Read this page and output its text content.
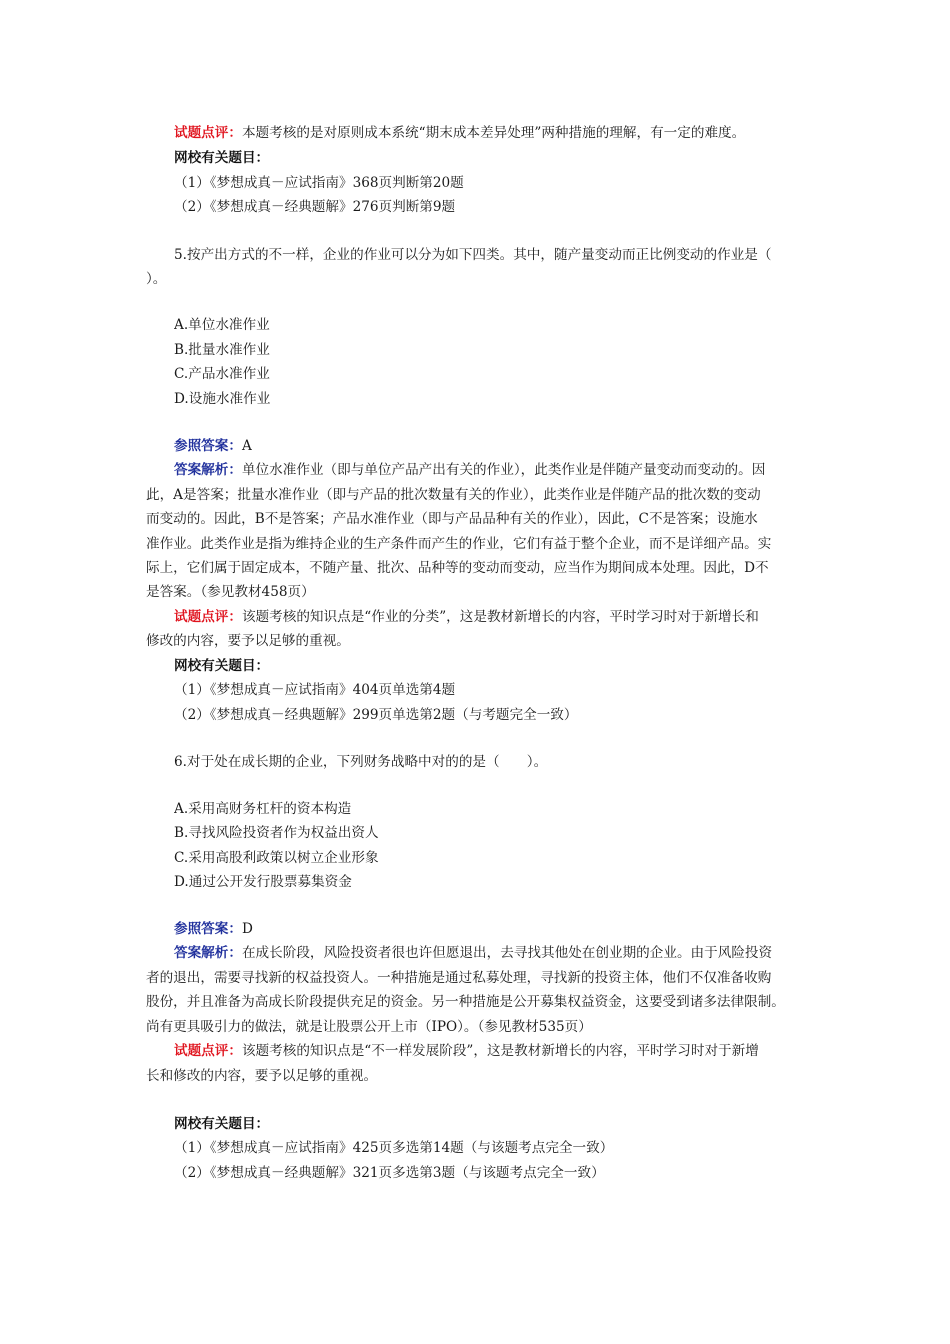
试题点评：本题考核的是对原则成本系统“期末成本差异处理”两种措施的理解，有一定的难度。
网校有关题目：
（1）《梦想成真－应试指南》368页判断第20题
（2）《梦想成真－经典题解》276页判断第9题
5.按产出方式的不一样，企业的作业可以分为如下四类。其中，随产量变动而正比例变动的作业是（
）。
A.单位水准作业
B.批量水准作业
C.产品水准作业
D.设施水准作业
参照答案：A
答案解析：单位水准作业（即与单位产品产出有关的作业），此类作业是伴随产量变动而变动的。因
此，A是答案；批量水准作业（即与产品的批次数量有关的作业），此类作业是伴随产品的批次数的变动
而变动的。因此，B不是答案；产品水准作业（即与产品品种有关的作业），因此，C不是答案；设施水
准作业。此类作业是指为维持企业的生产条件而产生的作业，它们有益于整个企业，而不是详细产品。实
际上，它们属于固定成本，不随产量、批次、品种等的变动而变动，应当作为期间成本处理。因此，D不
是答案。（参见教材458页）
试题点评：该题考核的知识点是“作业的分类”，这是教材新增长的内容，平时学习时对于新增长和
修改的内容，要予以足够的重视。
网校有关题目：
（1）《梦想成真－应试指南》404页单选第4题
（2）《梦想成真－经典题解》299页单选第2题（与考题完全一致）
6.对于处在成长期的企业，下列财务战略中对的的是（　　）。
A.采用高财务杠杆的资本构造
B.寻找风险投资者作为权益出资人
C.采用高股利政策以树立企业形象
D.通过公开发行股票募集资金
参照答案：D
答案解析：在成长阶段，风险投资者很也许但愿退出，去寻找其他处在创业期的企业。由于风险投资
者的退出，需要寻找新的权益投资人。一种措施是通过私募处理，寻找新的投资主体，他们不仅准备收购
股份，并且准备为高成长阶段提供充足的资金。另一种措施是公开募集权益资金，这要受到诸多法律限制。
尚有更具吸引力的做法，就是让股票公开上市（IPO）。（参见教材535页）
试题点评：该题考核的知识点是“不一样发展阶段”，这是教材新增长的内容，平时学习时对于新增
长和修改的内容，要予以足够的重视。
网校有关题目：
（1）《梦想成真－应试指南》425页多选第14题（与该题考点完全一致）
（2）《梦想成真－经典题解》321页多选第3题（与该题考点完全一致）
